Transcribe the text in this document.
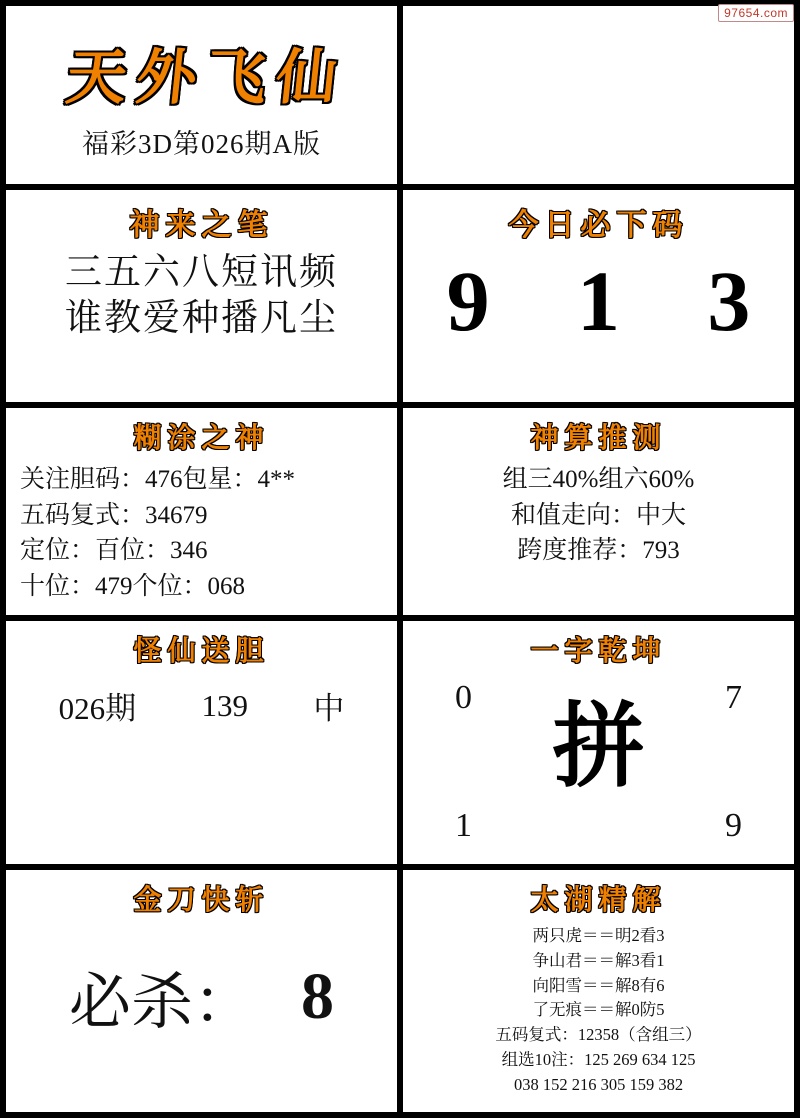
天外飞仙
福彩3D第026期A版
神来之笔
三五六八短讯频
谁教爱种播凡尘
今日必下码
9 1 3
糊涂之神
关注胆码：476包星：4**
五码复式：34679
定位：百位：346
十位：479个位：068
神算推测
组三40%组六60%
和值走向：中大
跨度推荐：793
怪仙送胆
026期 139 中
一字乾坤
0	7
1	9
拼
金刀快斩
必杀： 8
太湖精解
两只虎＝＝明2看3
争山君＝＝解3看1
向阳雪＝＝解8有6
了无痕＝＝解0防5
五码复式：12358（含组三）
组选10注：125 269 634 125
038 152 216 305 159 382
97654.com
